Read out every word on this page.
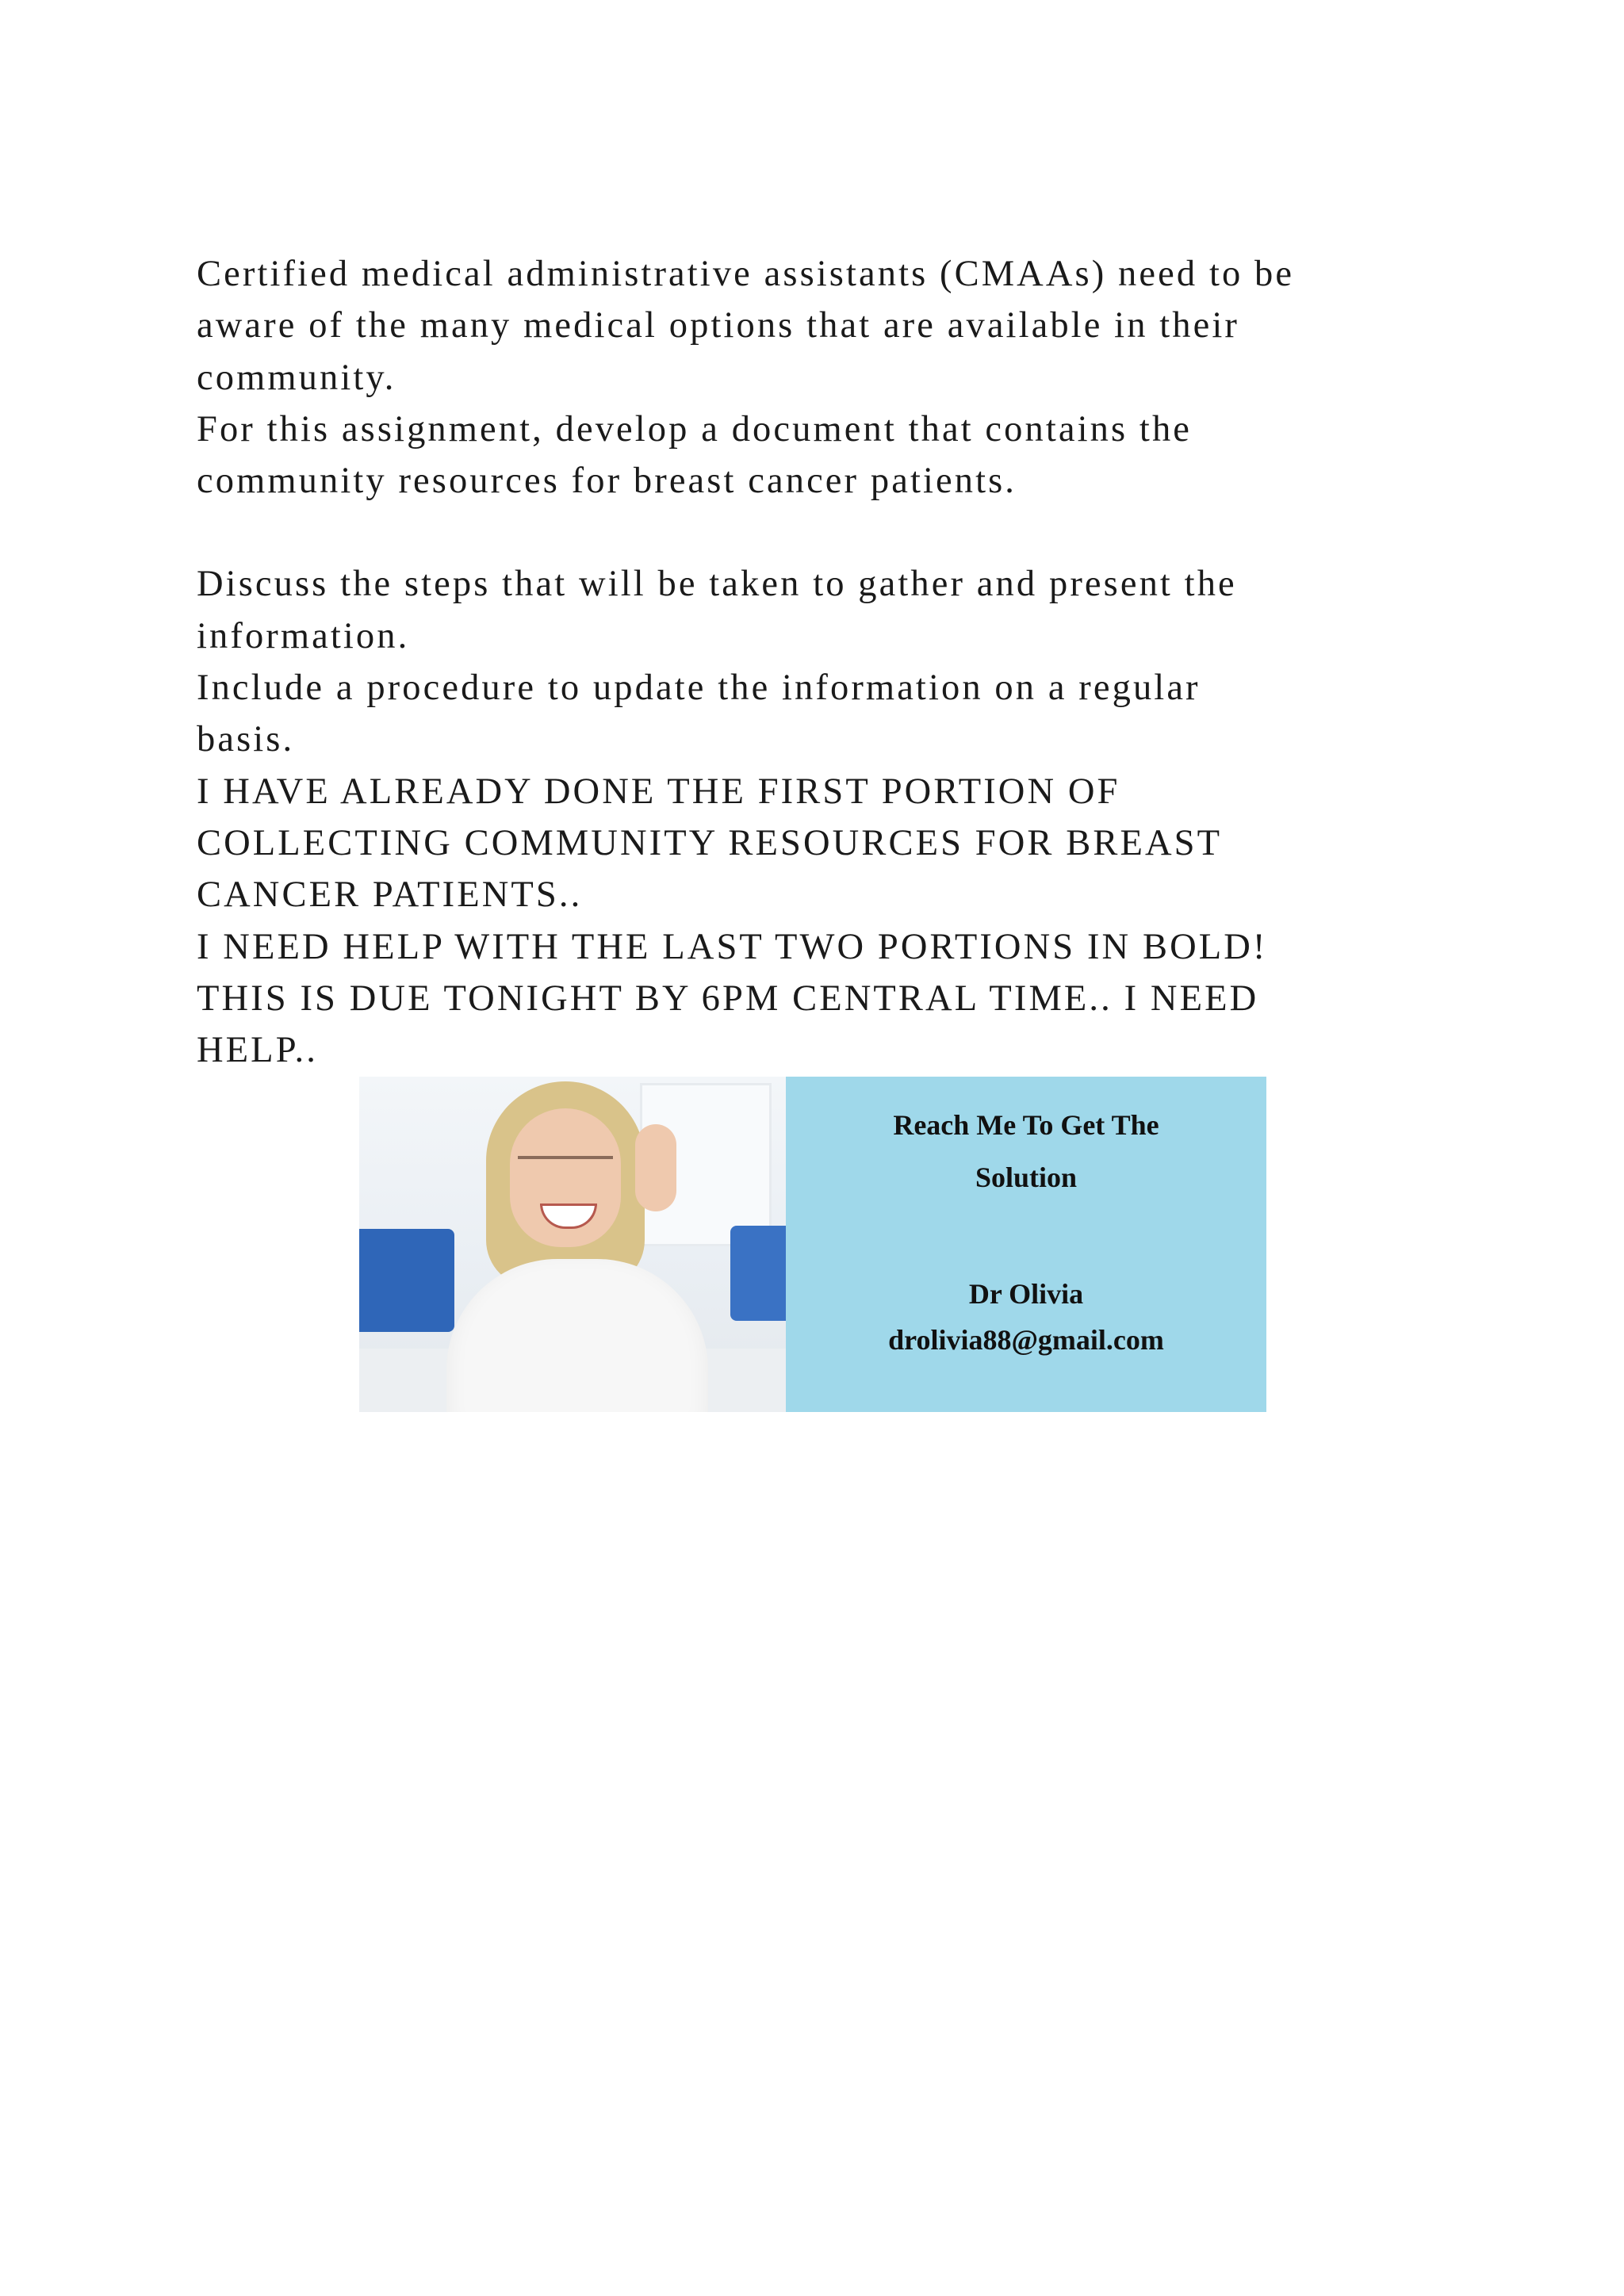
Certified medical administrative assistants (CMAAs) need to be
aware of the many medical options that are available in their
community.

For this assignment, develop a document that contains the
community resources for breast cancer patients.

Discuss the steps that will be taken to gather and present the
information.

Include a procedure to update the information on a regular
basis.

I HAVE ALREADY DONE THE FIRST PORTION OF
COLLECTING COMMUNITY RESOURCES FOR BREAST
CANCER PATIENTS..

I NEED HELP WITH THE LAST TWO PORTIONS IN BOLD!
THIS IS DUE TONIGHT BY 6PM CENTRAL TIME.. I NEED
HELP..

Reach Me To Get The
Solution
Dr Olivia
drolivia88@gmail.com
